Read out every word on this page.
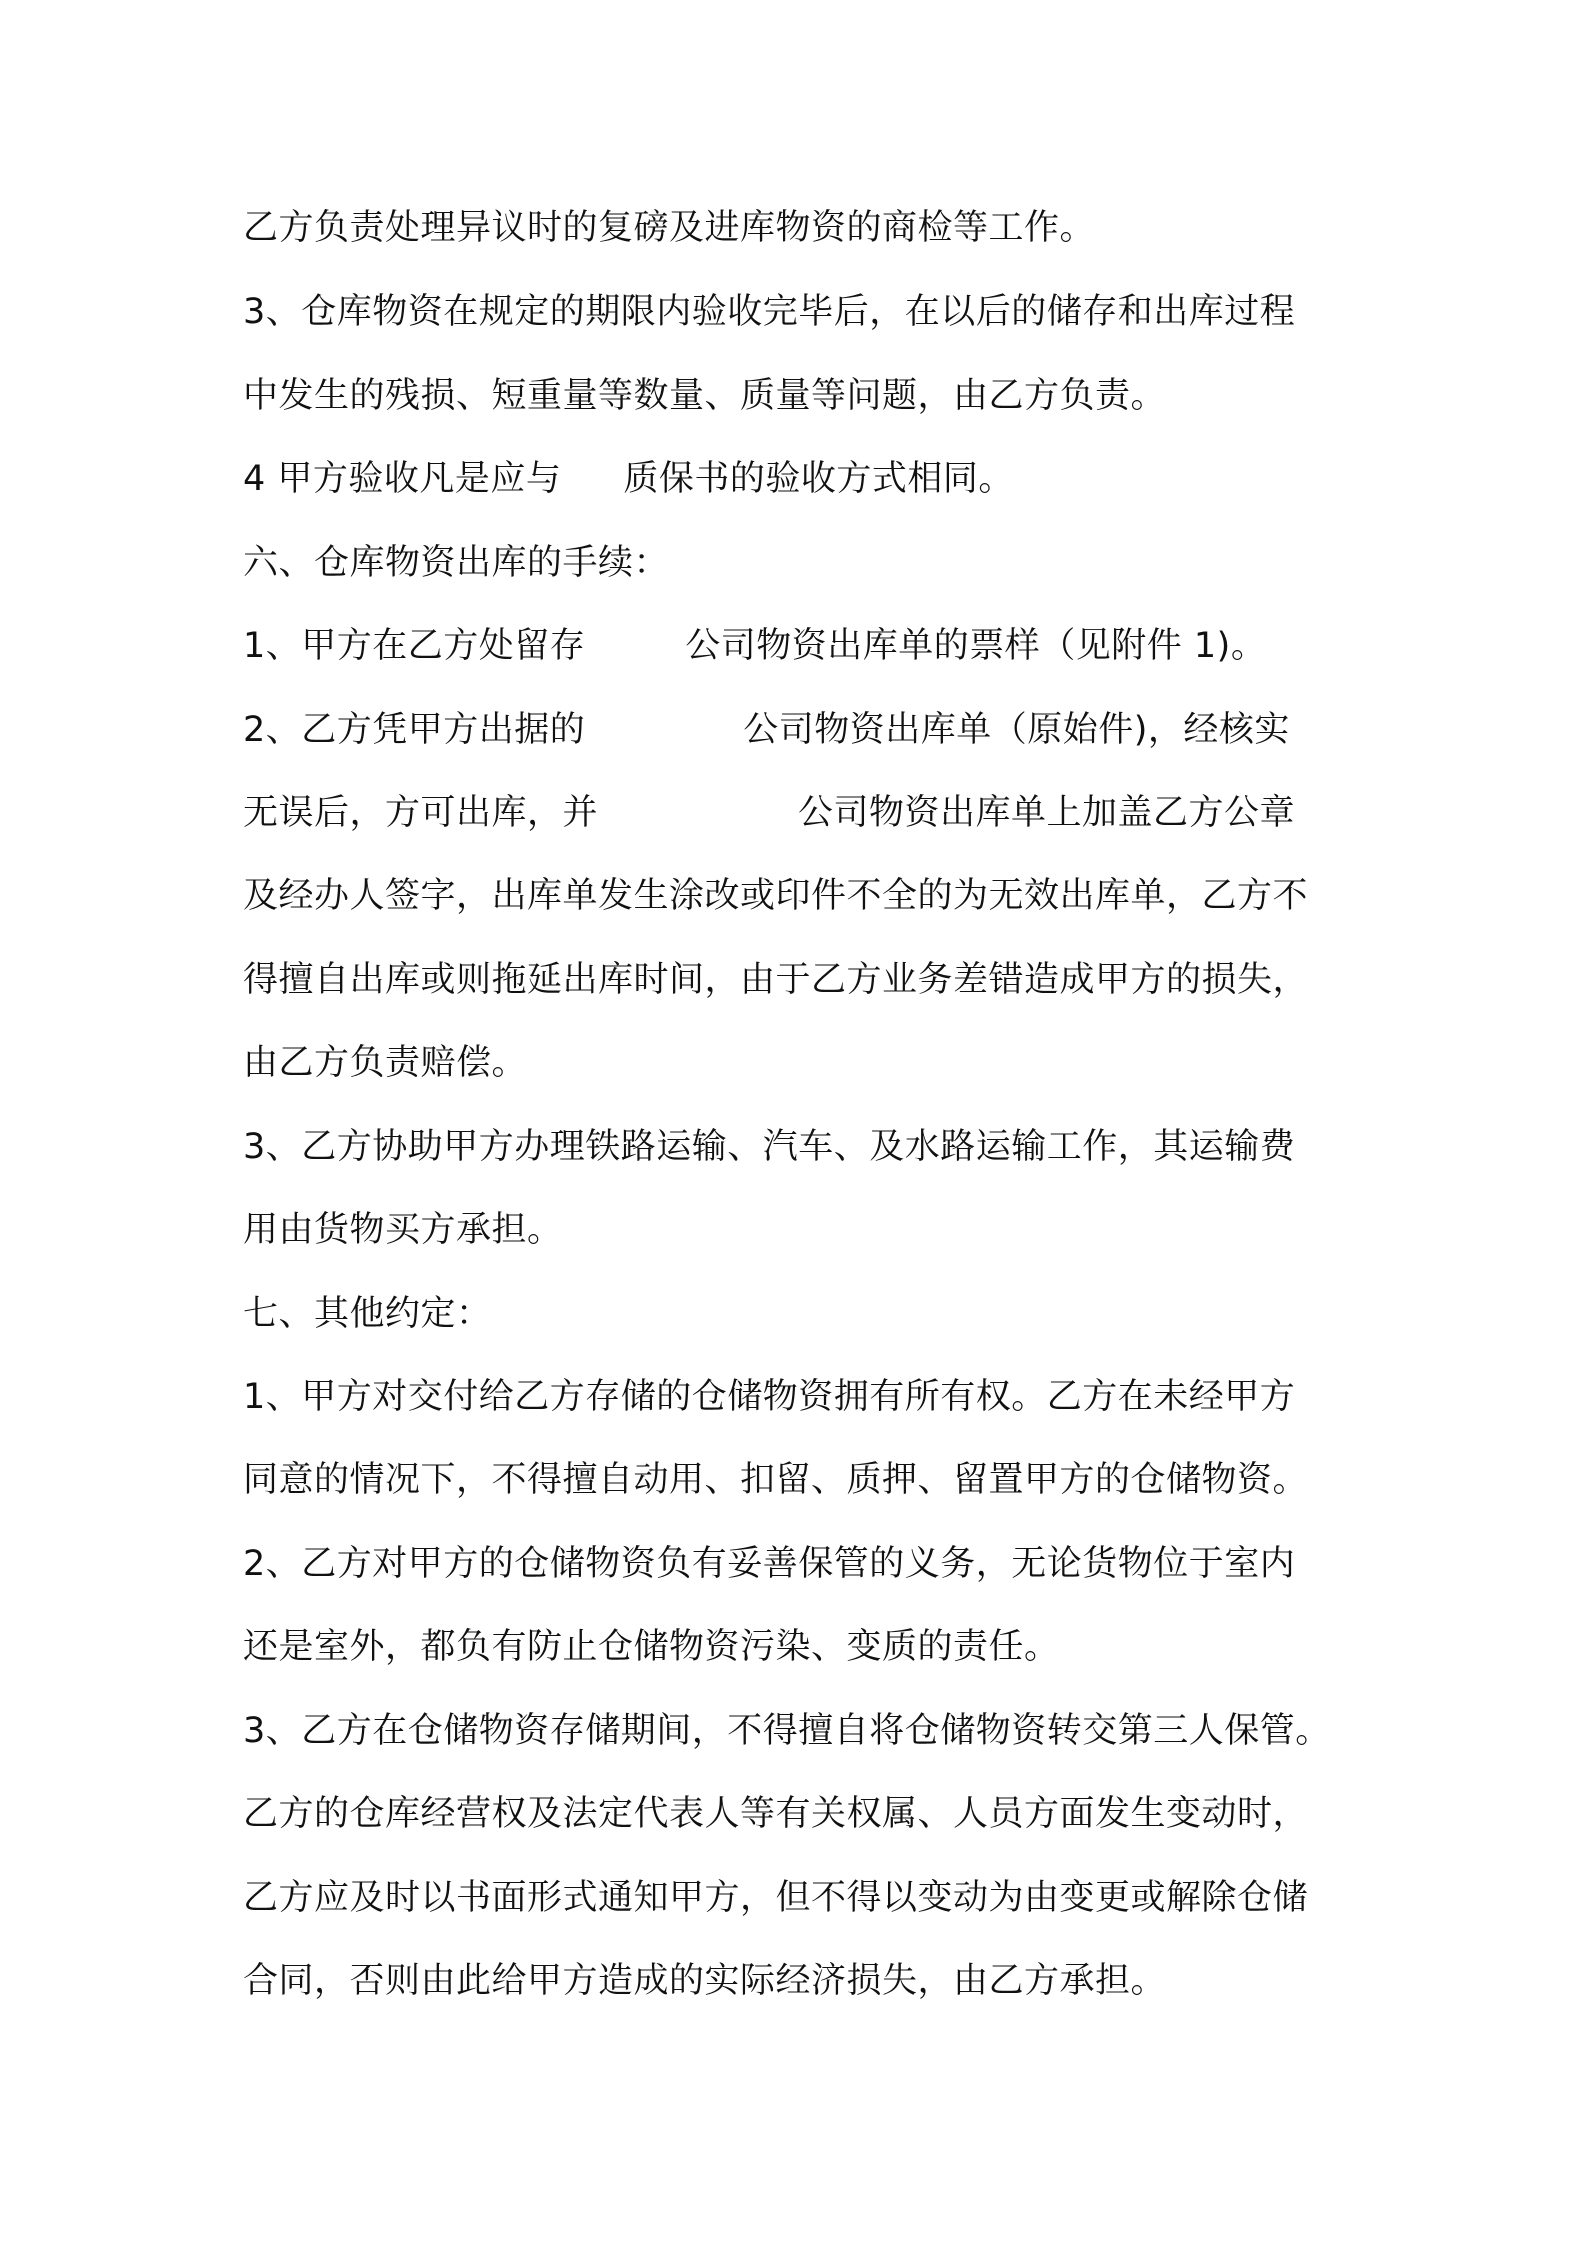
乙方负责处理异议时的复磅及进库物资的商检等工作。
3、仓库物资在规定的期限内验收完毕后，在以后的储存和出库过程
中发生的残损、短重量等数量、质量等问题，由乙方负责。
4 甲方验收凡是应与 质保书的验收方式相同。
六、仓库物资出库的手续：
1、甲方在乙方处留存	公司物资出库单的票样（见附件 1)。
2、乙方凭甲方出据的	公司物资出库单（原始件)，经核实
无误后，方可出库，并	公司物资出库单上加盖乙方公章
及经办人签字，出库单发生涂改或印件不全的为无效出库单，乙方不
得擅自出库或则拖延出库时间，由于乙方业务差错造成甲方的损失，
由乙方负责赔偿。
3、乙方协助甲方办理铁路运输、汽车、及水路运输工作，其运输费
用由货物买方承担。
七、其他约定：
1、甲方对交付给乙方存储的仓储物资拥有所有权。乙方在未经甲方
同意的情况下，不得擅自动用、扣留、质押、留置甲方的仓储物资。
2、乙方对甲方的仓储物资负有妥善保管的义务，无论货物位于室内
还是室外，都负有防止仓储物资污染、变质的责任。
3、乙方在仓储物资存储期间，不得擅自将仓储物资转交第三人保管。
乙方的仓库经营权及法定代表人等有关权属、人员方面发生变动时，
乙方应及时以书面形式通知甲方，但不得以变动为由变更或解除仓储
合同，否则由此给甲方造成的实际经济损失，由乙方承担。
